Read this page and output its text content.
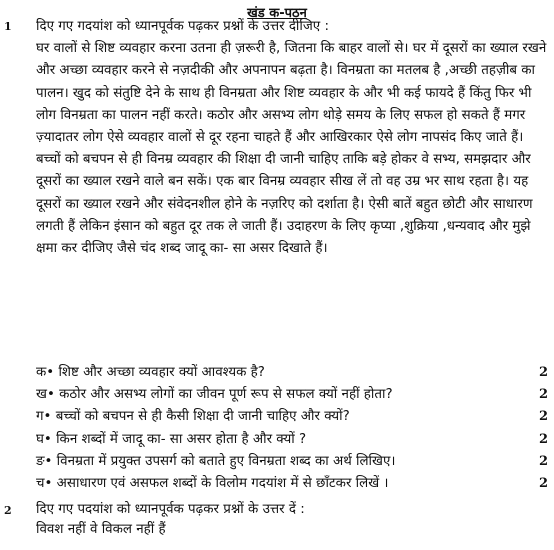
खंड क-पठन
1 दिए गए गदयांश को ध्यानपूर्वक पढ़कर प्रश्नों के उत्तर दीजिए :

घर वालों से शिष्ट व्यवहार करना उतना ही ज़रूरी है, जितना कि बाहर वालों से। घर में दूसरों का ख्याल रखने और अच्छा व्यवहार करने से नज़दीकी और अपनापन बढ़ता है। विनम्रता का मतलब है ,अच्छी तहज़ीब का पालन। खुद को संतुष्टि देने के साथ ही विनम्रता और शिष्ट व्यवहार के और भी कई फायदे हैं किंतु फिर भी लोग विनम्रता का पालन नहीं करते। कठोर और असभ्य लोग थोड़े समय के लिए सफल हो सकते हैं मगर ज़्यादातर लोग ऐसे व्यवहार वालों से दूर रहना चाहते हैं और आखिरकार ऐसे लोग नापसंद किए जाते हैं। बच्चों को बचपन से ही विनम्र व्यवहार की शिक्षा दी जानी चाहिए ताकि बड़े होकर वे सभ्य, समझदार और दूसरों का ख्याल रखने वाले बन सकें। एक बार विनम्र व्यवहार सीख लें तो वह उम्र भर साथ रहता है। यह दूसरों का ख्याल रखने और संवेदनशील होने के नज़रिए को दर्शाता है। ऐसी बातें बहुत छोटी और साधारण लगती हैं लेकिन इंसान को बहुत दूर तक ले जाती हैं। उदाहरण के लिए कृप्या ,शुक्रिया ,धन्यवाद और मुझे क्षमा कर दीजिए जैसे चंद शब्द जादू का- सा असर दिखाते हैं।

क• शिष्ट और अच्छा व्यवहार क्यों आवश्यक है?	2
ख• कठोर और असभ्य लोगों का जीवन पूर्ण रूप से सफल क्यों नहीं होता?	2
ग• बच्चों को बचपन से ही कैसी शिक्षा दी जानी चाहिए और क्यों?	2
घ• किन शब्दों में जादू का- सा असर होता है और क्यों ?	2
ङ• विनम्रता में प्रयुक्त उपसर्ग को बताते हुए विनम्रता शब्द का अर्थ लिखिए।	2
च• असाधारण एवं असफल शब्दों के विलोम गदयांश में से छाँटकर लिखें ।	2
2 दिए गए पदयांश को ध्यानपूर्वक पढ़कर प्रश्नों के उत्तर दें :

विवश नहीं वे विकल नहीं हैं
